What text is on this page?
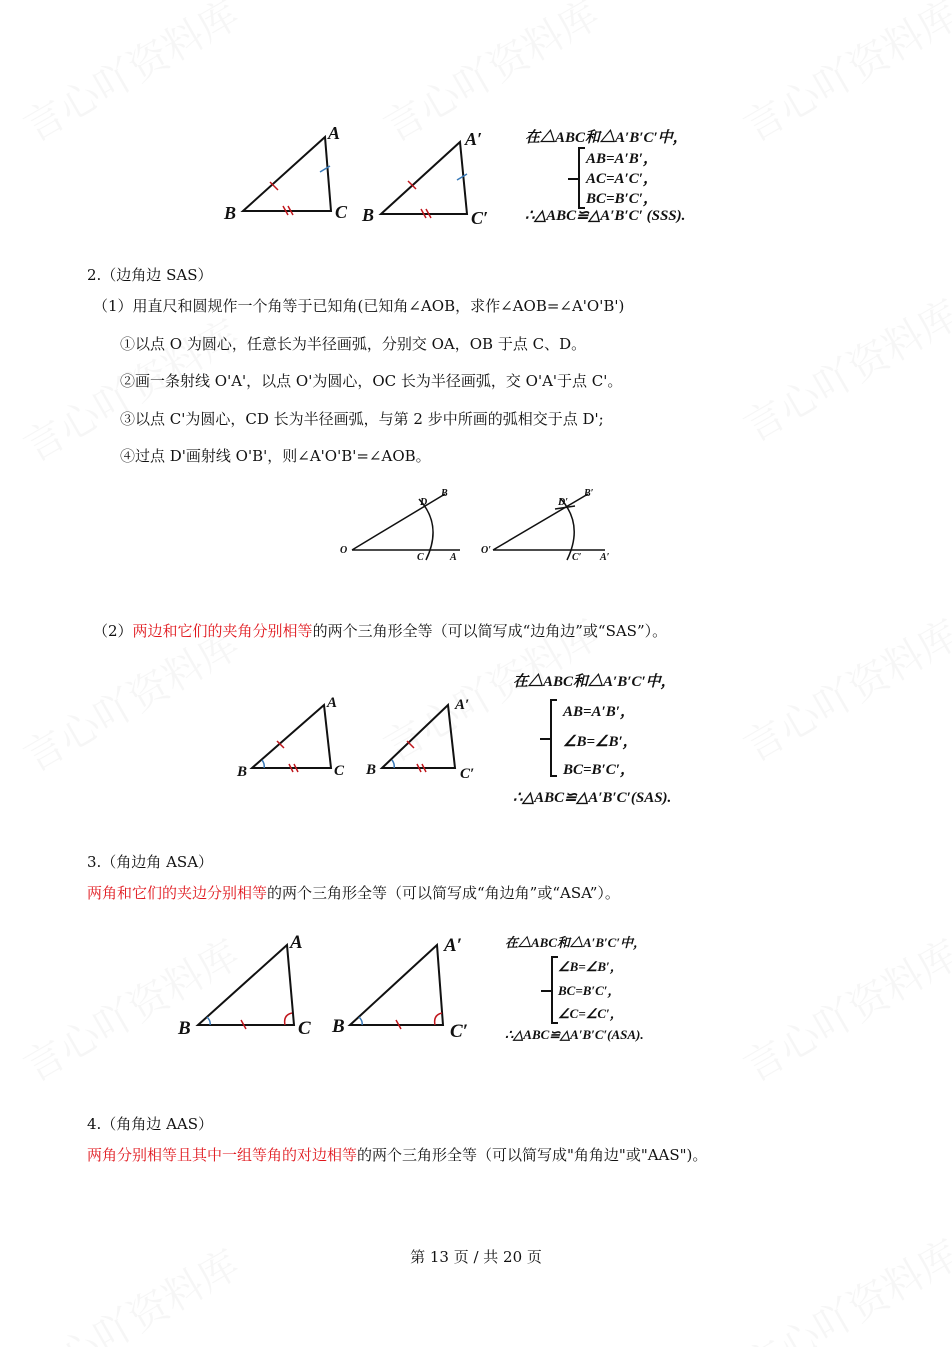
A
B	C
A′
B	C′
O
D
B
C	A
O′
D′
B′
C′ A′
A
B	C
A′
B	C′
A
B	C
A′
B	C′
在△ABC和△A′B′C′中，
AB=A′B′，
AC=A′C′，
BC=B′C′，
∴△ABC≌△A′B′C′ (SSS).
2.（边角边 SAS）
（1）用直尺和圆规作一个角等于已知角(已知角∠AOB，求作∠AOB=∠A'O'B')
①以点 O 为圆心，任意长为半径画弧，分别交 OA，OB 于点 C、D。
②画一条射线 O'A'，以点 O'为圆心，OC 长为半径画弧，交 O'A'于点 C'。
③以点 C'为圆心，CD 长为半径画弧，与第 2 步中所画的弧相交于点 D';
④过点 D'画射线 O'B'，则∠A'O'B'=∠AOB。
（2）两边和它们的夹角分别相等的两个三角形全等（可以简写成“边角边”或“SAS”）。
在△ABC和△A′B′C′中，
AB=A′B′，
∠B=∠B′，
BC=B′C′，
∴△ABC≌△A′B′C′(SAS).
3.（角边角 ASA）
两角和它们的夹边分别相等的两个三角形全等（可以简写成“角边角”或“ASA”）。
在△ABC和△A′B′C′中，
∠B=∠B′，
BC=B′C′，
∠C=∠C′，
∴△ABC≌△A′B′C′(ASA).
4.（角角边 AAS）
两角分别相等且其中一组等角的对边相等的两个三角形全等（可以简写成"角角边"或"AAS")。
第 13 页 / 共 20 页
